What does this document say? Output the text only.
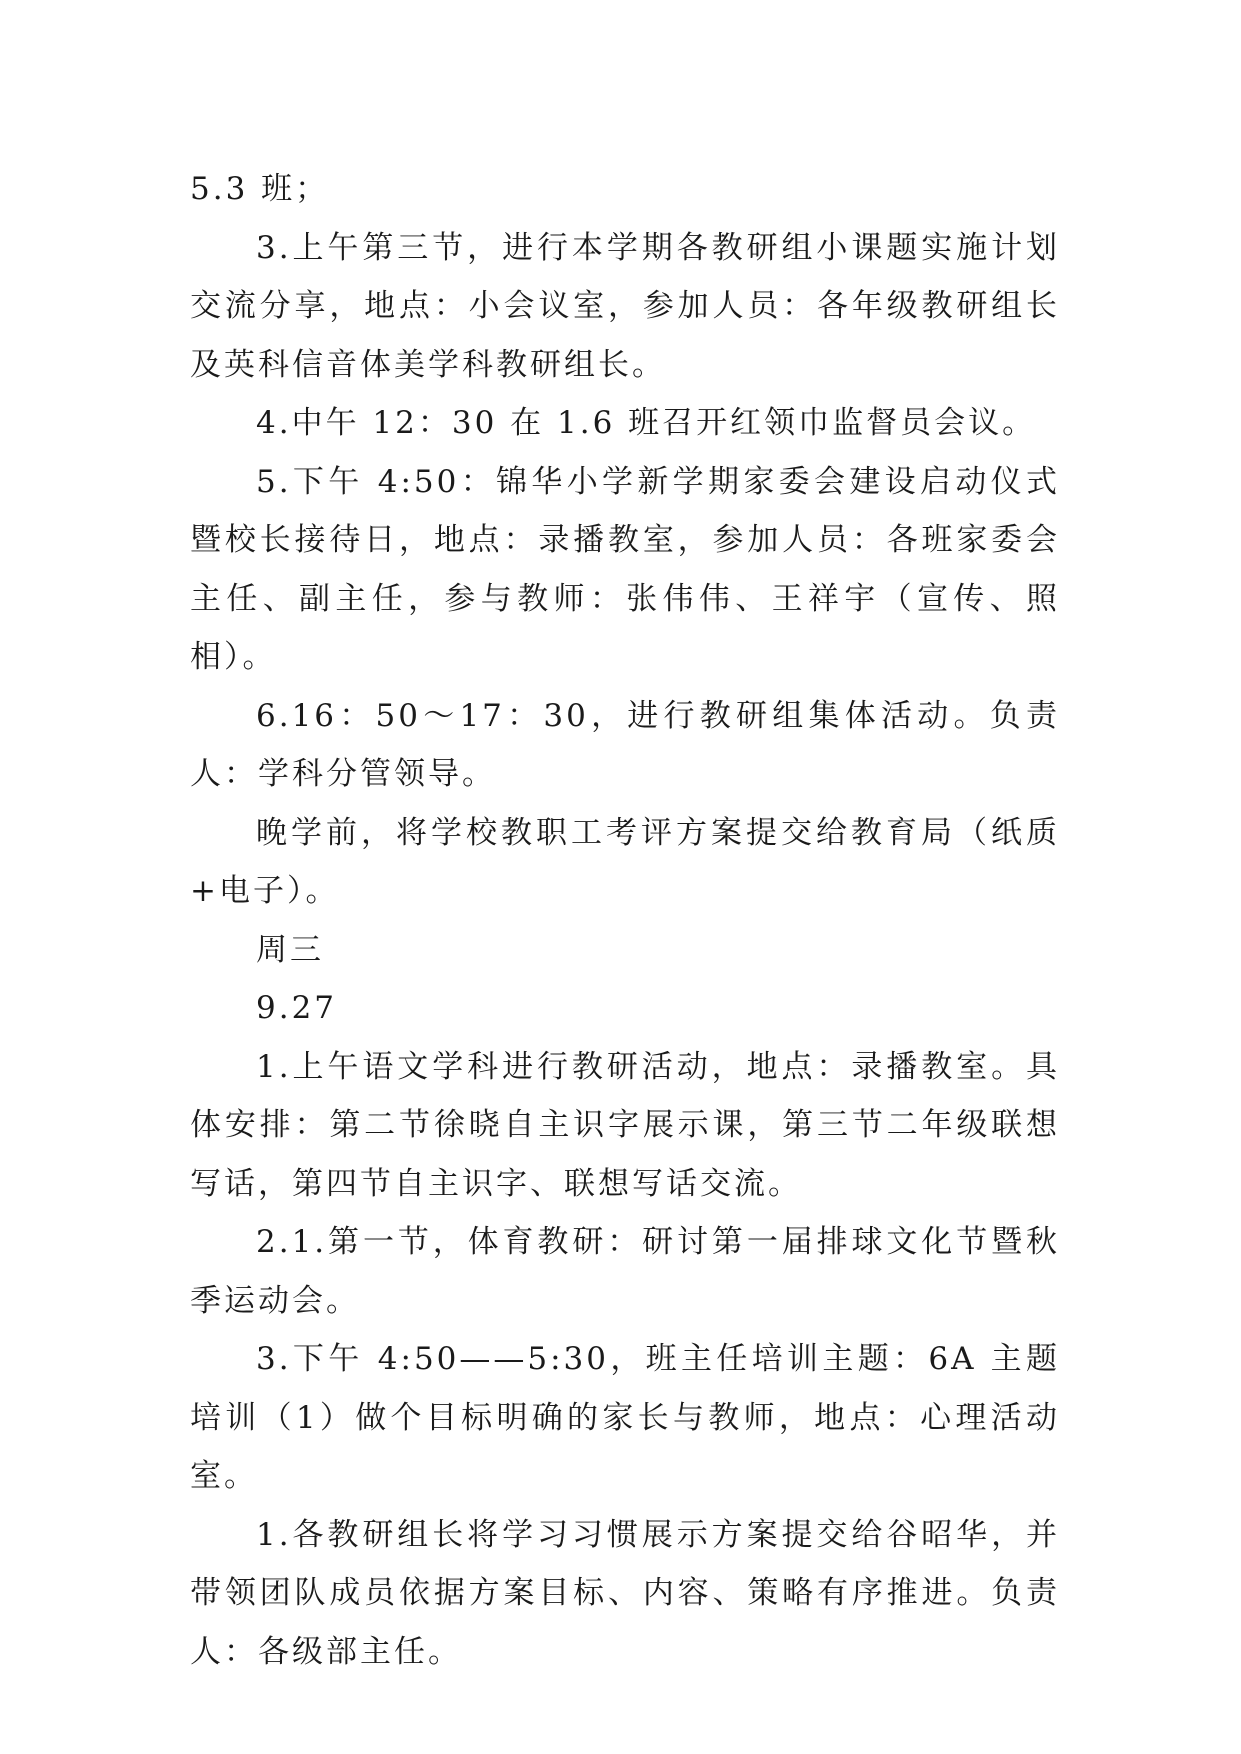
5.3 班；

3.上午第三节，进行本学期各教研组小课题实施计划交流分享，地点：小会议室，参加人员：各年级教研组长及英科信音体美学科教研组长。

4.中午 12：30 在 1.6 班召开红领巾监督员会议。

5.下午 4:50：锦华小学新学期家委会建设启动仪式暨校长接待日，地点：录播教室，参加人员：各班家委会主任、副主任，参与教师：张伟伟、王祥宇（宣传、照相）。

6.16：50～17：30，进行教研组集体活动。负责人：学科分管领导。

晚学前，将学校教职工考评方案提交给教育局（纸质+电子）。

周三

9.27

1.上午语文学科进行教研活动，地点：录播教室。具体安排：第二节徐晓自主识字展示课，第三节二年级联想写话，第四节自主识字、联想写话交流。

2.1.第一节，体育教研：研讨第一届排球文化节暨秋季运动会。

3.下午 4:50——5:30，班主任培训主题：6A 主题培训（1）做个目标明确的家长与教师，地点：心理活动室。

1.各教研组长将学习习惯展示方案提交给谷昭华，并带领团队成员依据方案目标、内容、策略有序推进。负责人：各级部主任。
